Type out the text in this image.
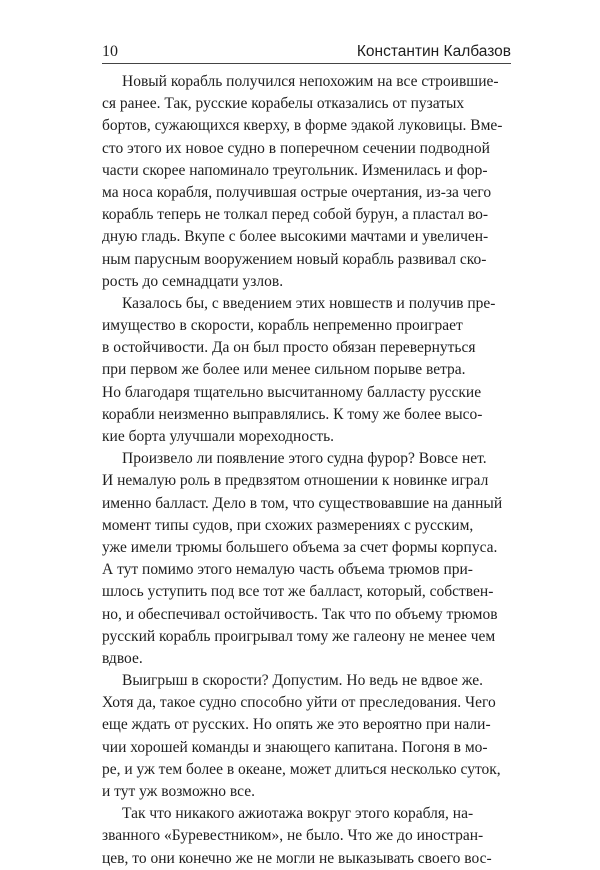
10	Константин Калбазов
Новый корабль получился непохожим на все строившие-
ся ранее. Так, русские корабелы отказались от пузатых
бортов, сужающихся кверху, в форме эдакой луковицы. Вме-
сто этого их новое судно в поперечном сечении подводной
части скорее напоминало треугольник. Изменилась и фор-
ма носа корабля, получившая острые очертания, из-за чего
корабль теперь не толкал перед собой бурун, а пластал во-
дную гладь. Вкупе с более высокими мачтами и увеличен-
ным парусным вооружением новый корабль развивал ско-
рость до семнадцати узлов.
Казалось бы, с введением этих новшеств и получив пре-
имущество в скорости, корабль непременно проиграет
в остойчивости. Да он был просто обязан перевернуться
при первом же более или менее сильном порыве ветра.
Но благодаря тщательно высчитанному балласту русские
корабли неизменно выправлялись. К тому же более высо-
кие борта улучшали мореходность.
Произвело ли появление этого судна фурор? Вовсе нет.
И немалую роль в предвзятом отношении к новинке играл
именно балласт. Дело в том, что существовавшие на данный
момент типы судов, при схожих размерениях с русским,
уже имели трюмы большего объема за счет формы корпуса.
А тут помимо этого немалую часть объема трюмов при-
шлось уступить под все тот же балласт, который, собствен-
но, и обеспечивал остойчивость. Так что по объему трюмов
русский корабль проигрывал тому же галеону не менее чем
вдвое.
Выигрыш в скорости? Допустим. Но ведь не вдвое же.
Хотя да, такое судно способно уйти от преследования. Чего
еще ждать от русских. Но опять же это вероятно при нали-
чии хорошей команды и знающего капитана. Погоня в мо-
ре, и уж тем более в океане, может длиться несколько суток,
и тут уж возможно все.
Так что никакого ажиотажа вокруг этого корабля, на-
званного «Буревестником», не было. Что же до иностран-
цев, то они конечно же не могли не выказывать своего вос-
